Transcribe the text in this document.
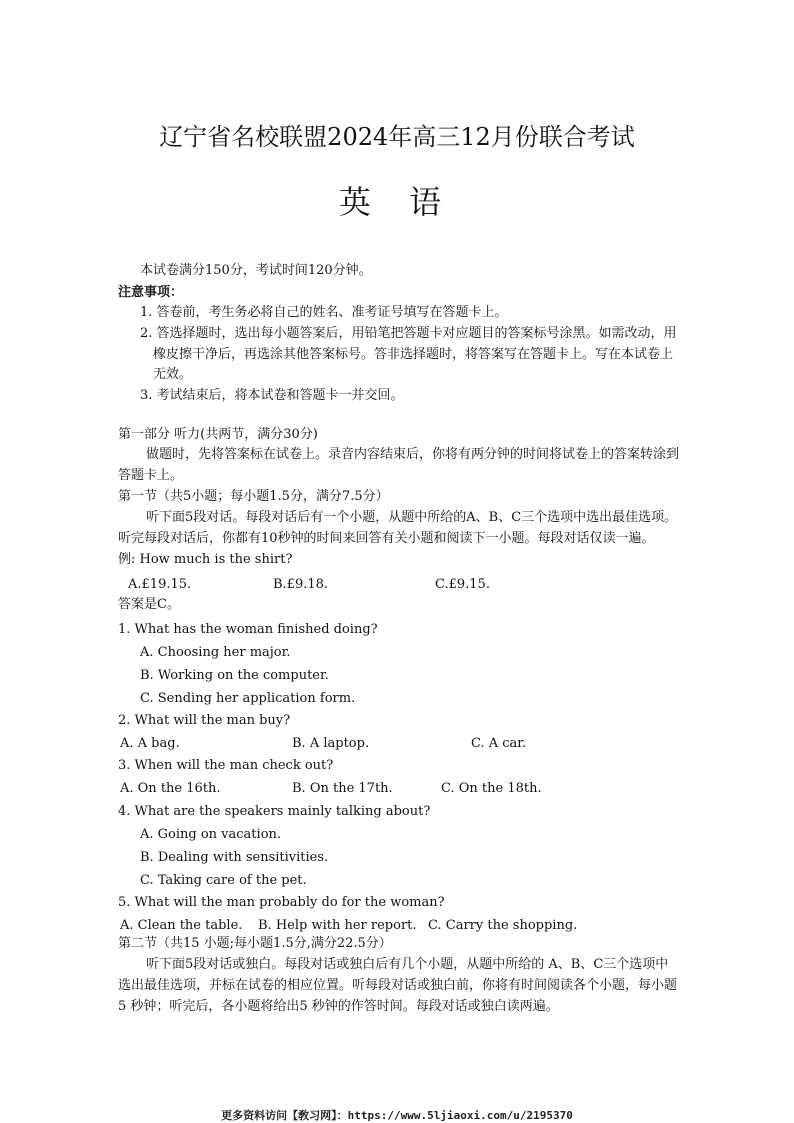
辽宁省名校联盟2024年高三12月份联合考试
英 语
本试卷满分150分，考试时间120分钟。
注意事项：
1. 答卷前，考生务必将自己的姓名、准考证号填写在答题卡上。
2. 答选择题时，选出每小题答案后，用铅笔把答题卡对应题目的答案标号涂黑。如需改动，用
橡皮擦干净后，再选涂其他答案标号。答非选择题时，将答案写在答题卡上。写在本试卷上
无效。
3. 考试结束后，将本试卷和答题卡一并交回。
第一部分 听力(共两节，满分30分)
做题时，先将答案标在试卷上。录音内容结束后，你将有两分钟的时间将试卷上的答案转涂到
答题卡上。
第一节（共5小题；每小题1.5分，满分7.5分）
听下面5段对话。每段对话后有一个小题，从题中所给的A、B、C三个选项中选出最佳选项。
听完每段对话后，你都有10秒钟的时间来回答有关小题和阅读下一小题。每段对话仅读一遍。
例: How much is the shirt?
A.£19.15.	B.£9.18.	C.£9.15.
答案是C。
1. What has the woman finished doing?
A. Choosing her major.
B. Working on the computer.
C. Sending her application form.
2. What will the man buy?
A. A bag.	B. A laptop.	C. A car.
3. When will the man check out?
A. On the 16th.	B. On the 17th.	C. On the 18th.
4. What are the speakers mainly talking about?
A. Going on vacation.
B. Dealing with sensitivities.
C. Taking care of the pet.
5. What will the man probably do for the woman?
A. Clean the table. B. Help with her report. C. Carry the shopping.
第二节（共15 小题;每小题1.5分,满分22.5分）
听下面5段对话或独白。每段对话或独白后有几个小题，从题中所给的 A、B、C三个选项中
选出最佳选项，并标在试卷的相应位置。听每段对话或独白前，你将有时间阅读各个小题，每小题
5 秒钟；听完后，各小题将给出5 秒钟的作答时间。每段对话或独白读两遍。
更多资料访问【敎习网】：https://www.5ljiaoxi.com/u/2195370
